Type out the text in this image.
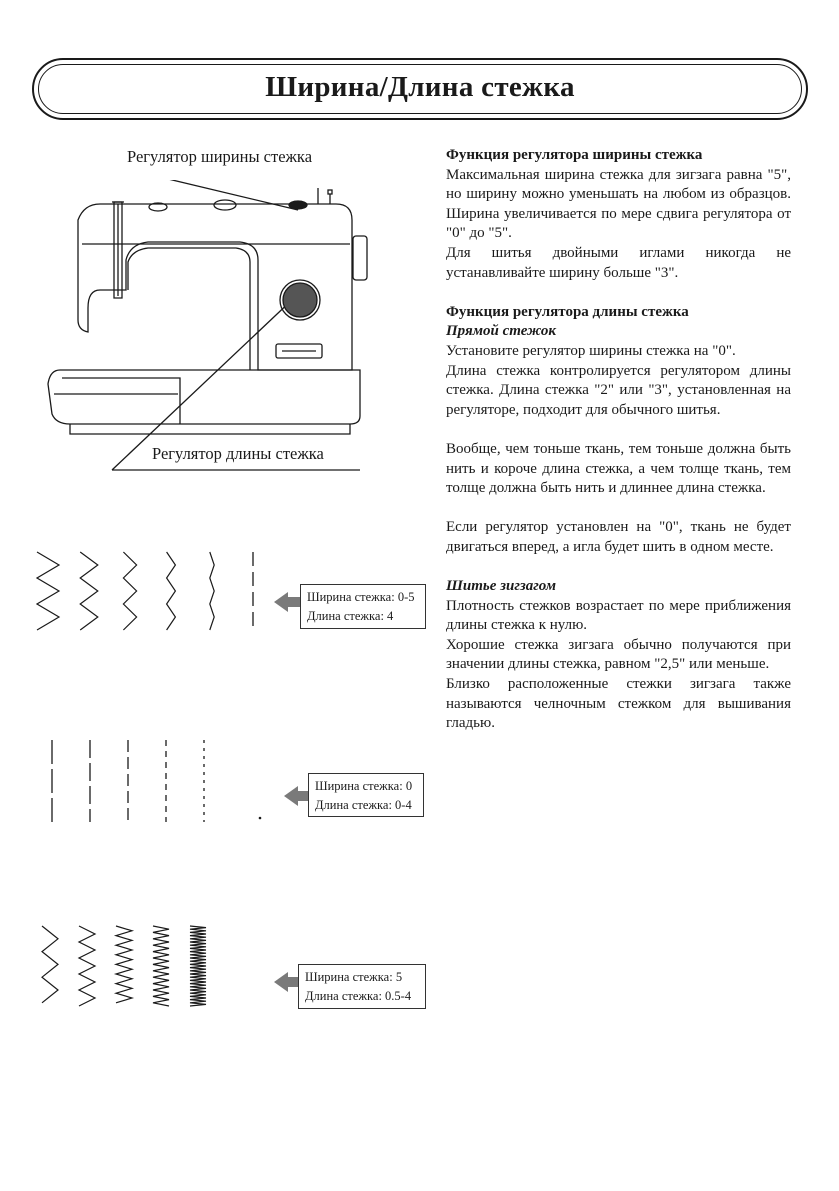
Ширина/Длина стежка
Регулятор ширины стежка
Регулятор длины стежка

Функция регулятора ширины стежка

Максимальная ширина стежка для зигзага равна "5", но ширину можно уменьшать на любом из образцов. Ширина увеличивается по мере сдвига регулятора от "0" до "5".

Для шитья двойными иглами никогда не устанавливайте ширину больше "3".

Функция регулятора длины стежка

Прямой стежок

Установите регулятор ширины стежка на "0".

Длина стежка контролируется регулятором длины стежка. Длина стежка "2" или "3", установленная на регуляторе, подходит для обычного шитья.

Вообще, чем тоньше ткань, тем тоньше должна быть нить и короче длина стежка, а чем толще ткань, тем толще должна быть нить и длиннее длина стежка.

Если регулятор установлен на "0", ткань не будет двигаться вперед, а игла будет шить в одном месте.

Шитье зигзагом

Плотность стежков возрастает по мере приближения длины стежка к нулю.

Хорошие стежка зигзага обычно получаются при значении длины стежка, равном "2,5" или меньше.

Близко расположенные стежки зигзага также называются челночным стежком для вышивания гладью.

Ширина стежка: 0-5
Длина стежка: 4
Ширина стежка: 0
Длина стежка: 0-4
Ширина стежка: 5
Длина стежка: 0.5-4
